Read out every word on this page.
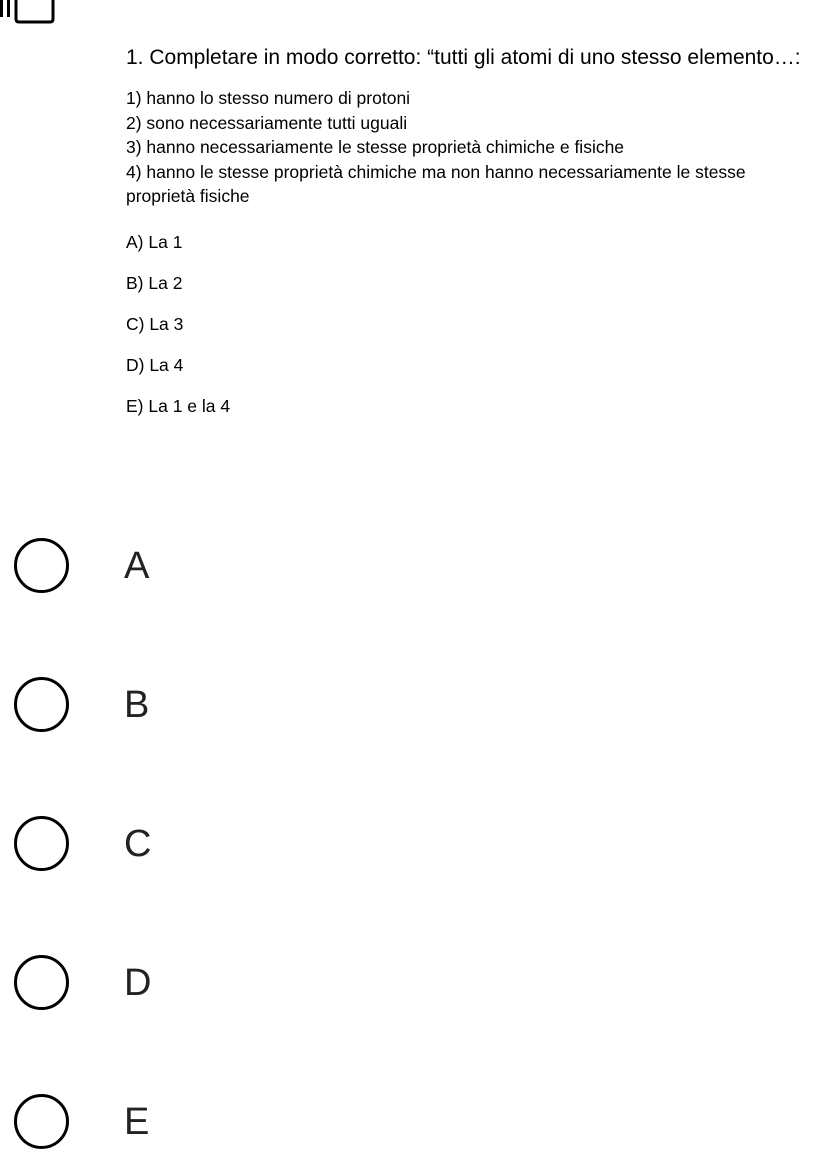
1. Completare in modo corretto: “tutti gli atomi di uno stesso elemento…:
1) hanno lo stesso numero di protoni
2) sono necessariamente tutti uguali
3) hanno necessariamente le stesse proprietà chimiche e fisiche
4) hanno le stesse proprietà chimiche ma non hanno necessariamente le stesse proprietà fisiche
A) La 1
B) La 2
C) La 3
D) La 4
E) La 1 e la 4
A
B
C
D
E
